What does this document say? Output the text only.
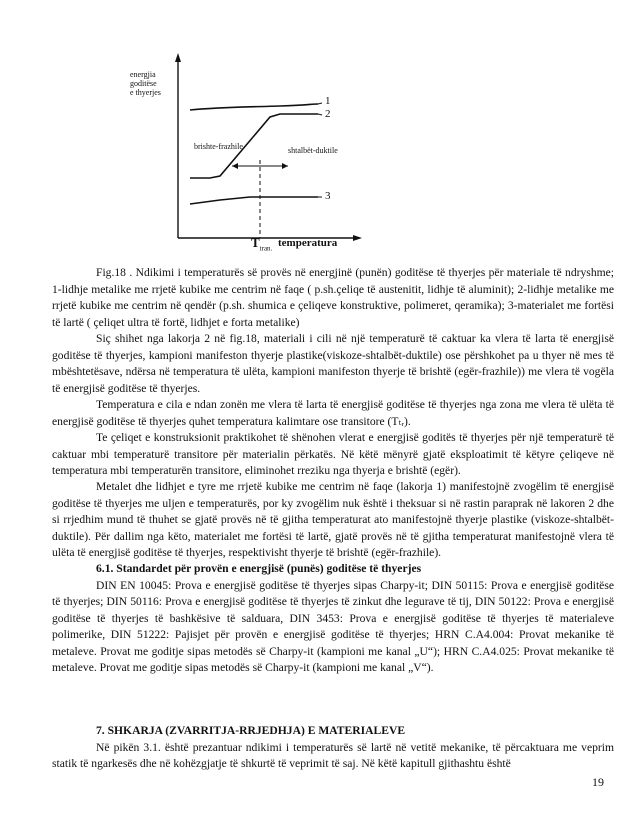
energjia
goditëse
e thyerjes
brishte-frazhile	shtalbët-duktile
1
2
3
$T_{tran.}$ temperatura

Fig.18 . Ndikimi i temperaturës së provës në energjinë (punën) goditëse të thyerjes për materiale të ndryshme; 1-lidhje metalike me rrjetë kubike me centrim në faqe ( p.sh.çeliqe të austenitit, lidhje të aluminit); 2-lidhje metalike me rrjetë kubike me centrim në qendër (p.sh. shumica e çeliqeve konstruktive, polimeret, qeramika); 3-materialet me fortësi të lartë ( çeliqet ultra të fortë, lidhjet e forta metalike)

Siç shihet nga lakorja 2 në fig.18, materiali i cili në një temperaturë të caktuar ka vlera të larta të energjisë goditëse të thyerjes, kampioni manifeston thyerje plastike(viskoze-shtalbët-duktile) ose përshkohet pa u thyer në mes të mbështetësave, ndërsa në temperatura të ulëta, kampioni manifeston thyerje të brishtë (egër-frazhile)) me vlera të vogëla të energjisë goditëse të thyerjes.

Temperatura e cila e ndan zonën me vlera të larta të energjisë goditëse të thyerjes nga zona me vlera të ulëta të energjisë goditëse të thyerjes quhet temperatura kalimtare ose transitore (Tₜᵣ).

Te çeliqet e konstruksionit praktikohet të shënohen vlerat e energjisë goditës të thyerjes për një temperaturë të caktuar mbi temperaturë transitore për materialin përkatës. Në këtë mënyrë gjatë eksploatimit të këtyre çeliqeve në temperatura mbi temperaturën transitore, eliminohet rreziku nga thyerja e brishtë (egër).

Metalet dhe lidhjet e tyre me rrjetë kubike me centrim në faqe (lakorja 1) manifestojnë zvogëlim të energjisë goditëse të thyerjes me uljen e temperaturës, por ky zvogëlim nuk është i theksuar si në rastin paraprak në lakoren 2 dhe si rrjedhim mund të thuhet se gjatë provës në të gjitha temperaturat ato manifestojnë thyerje plastike (viskoze-shtalbët-duktile). Për dallim nga këto, materialet me fortësi të lartë, gjatë provës në të gjitha temperaturat manifestojnë vlera të ulëta të energjisë goditëse të thyerjes, respektivisht thyerje të brishtë (egër-frazhile).

6.1. Standardet për provën e energjisë (punës) goditëse të thyerjes

DIN EN 10045: Prova e energjisë goditëse të thyerjes sipas Charpy-it; DIN 50115: Prova e energjisë goditëse të thyerjes; DIN 50116: Prova e energjisë goditëse të thyerjes të zinkut dhe legurave të tij, DIN 50122: Prova e energjisë goditëse të thyerjes të bashkësive të salduara, DIN 3453: Prova e energjisë goditëse të thyerjes të materialeve polimerike, DIN 51222: Pajisjet për provën e energjisë goditëse të thyerjes; HRN C.A4.004: Provat mekanike të metaleve. Provat me goditje sipas metodës së Charpy-it (kampioni me kanal „U“); HRN C.A4.025: Provat mekanike të metaleve. Provat me goditje sipas metodës së Charpy-it (kampioni me kanal „V“).

7. SHKARJA (ZVARRITJA-RRJEDHJA) E MATERIALEVE

Në pikën 3.1. është prezantuar ndikimi i temperaturës së lartë në vetitë mekanike, të përcaktuara me veprim statik të ngarkesës dhe në kohëzgjatje të shkurtë të veprimit të saj. Në këtë kapitull gjithashtu është

19
